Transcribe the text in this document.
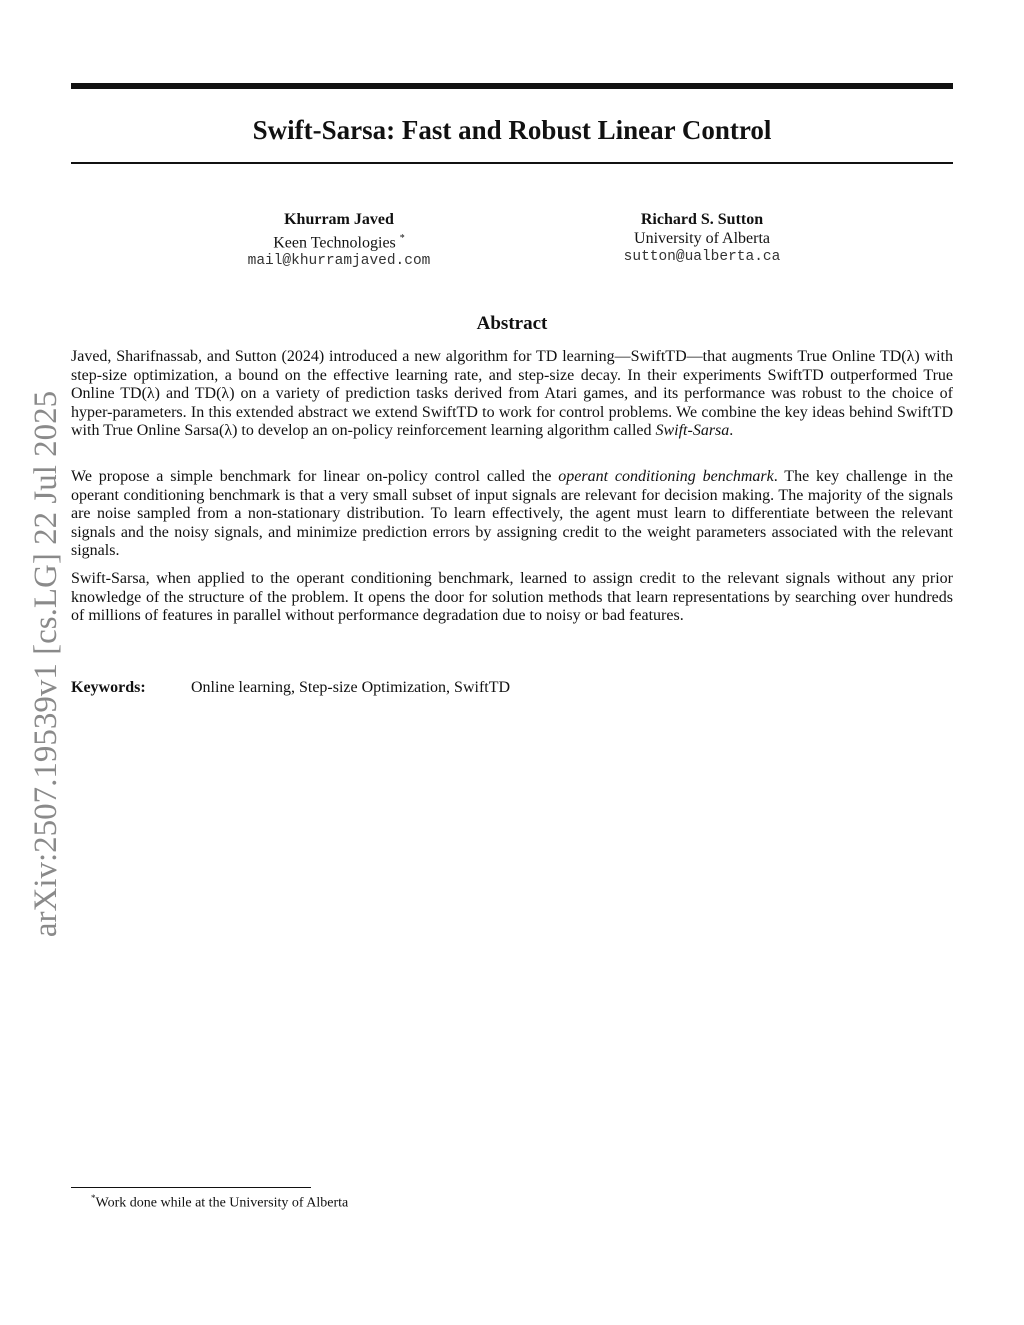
Swift-Sarsa: Fast and Robust Linear Control
Khurram Javed
Keen Technologies *
mail@khurramjaved.com
Richard S. Sutton
University of Alberta
sutton@ualberta.ca
arXiv:2507.19539v1 [cs.LG] 22 Jul 2025
Abstract

Javed, Sharifnassab, and Sutton (2024) introduced a new algorithm for TD learning—SwiftTD—that augments True Online TD(λ) with step-size optimization, a bound on the effective learning rate, and step-size decay. In their experiments SwiftTD outperformed True Online TD(λ) and TD(λ) on a variety of prediction tasks derived from Atari games, and its performance was robust to the choice of hyper-parameters. In this extended abstract we extend SwiftTD to work for control problems. We combine the key ideas behind SwiftTD with True Online Sarsa(λ) to develop an on-policy reinforcement learning algorithm called Swift-Sarsa.

We propose a simple benchmark for linear on-policy control called the operant conditioning benchmark. The key challenge in the operant conditioning benchmark is that a very small subset of input signals are relevant for decision making. The majority of the signals are noise sampled from a non-stationary distribution. To learn effectively, the agent must learn to differentiate between the relevant signals and the noisy signals, and minimize prediction errors by assigning credit to the weight parameters associated with the relevant signals.

Swift-Sarsa, when applied to the operant conditioning benchmark, learned to assign credit to the relevant signals without any prior knowledge of the structure of the problem. It opens the door for solution methods that learn representations by searching over hundreds of millions of features in parallel without performance degradation due to noisy or bad features.

Keywords:	Online learning, Step-size Optimization, SwiftTD
*Work done while at the University of Alberta
